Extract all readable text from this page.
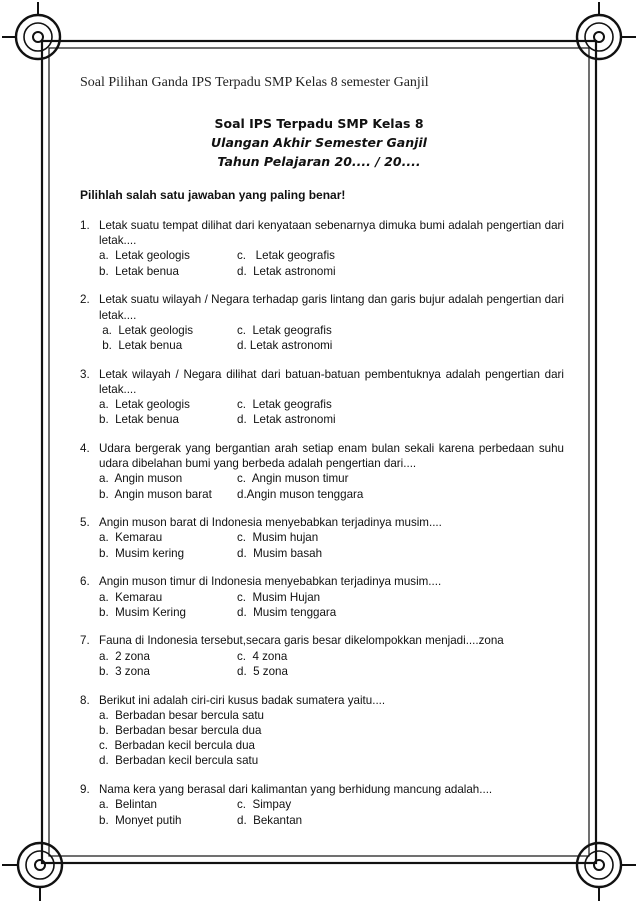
Soal Pilihan Ganda IPS Terpadu SMP Kelas 8 semester Ganjil
Soal IPS Terpadu SMP Kelas 8
Ulangan Akhir Semester Ganjil
Tahun Pelajaran 20.... / 20....
Pilihlah salah satu jawaban yang paling benar!
1. Letak suatu tempat dilihat dari kenyataan sebenarnya dimuka bumi adalah pengertian dari letak....
a.  Letak geologis	c.   Letak geografis
b.  Letak benua	d.  Letak astronomi
2. Letak suatu wilayah / Negara terhadap garis lintang dan garis bujur adalah pengertian dari letak....
a.  Letak geologis	c.  Letak geografis
b.  Letak benua	d. Letak astronomi
3. Letak wilayah / Negara dilihat dari batuan-batuan pembentuknya adalah pengertian dari letak....
a.  Letak geologis	c.  Letak geografis
b.  Letak benua	d.  Letak astronomi
4. Udara bergerak yang bergantian arah setiap enam bulan sekali karena perbedaan suhu udara dibelahan bumi yang berbeda adalah pengertian dari....
a.  Angin muson	c.  Angin muson timur
b.  Angin muson barat	d.Angin muson tenggara
5. Angin muson barat di Indonesia menyebabkan terjadinya musim....
a.  Kemarau	c.  Musim hujan
b.  Musim kering	d.  Musim basah
6. Angin muson timur di Indonesia menyebabkan terjadinya musim....
a.  Kemarau	c.  Musim Hujan
b.  Musim Kering	d.  Musim tenggara
7. Fauna di Indonesia tersebut,secara garis besar dikelompokkan menjadi....zona
a.  2 zona	c.  4 zona
b.  3 zona	d.  5 zona
8. Berikut ini adalah ciri-ciri kusus badak sumatera yaitu....
a.  Berbadan besar bercula satu
b.  Berbadan besar bercula dua
c.  Berbadan kecil bercula dua
d.  Berbadan kecil bercula satu
9. Nama kera yang berasal dari kalimantan yang berhidung mancung adalah....
a.  Belintan	c.  Simpay
b.  Monyet putih	d.  Bekantan
